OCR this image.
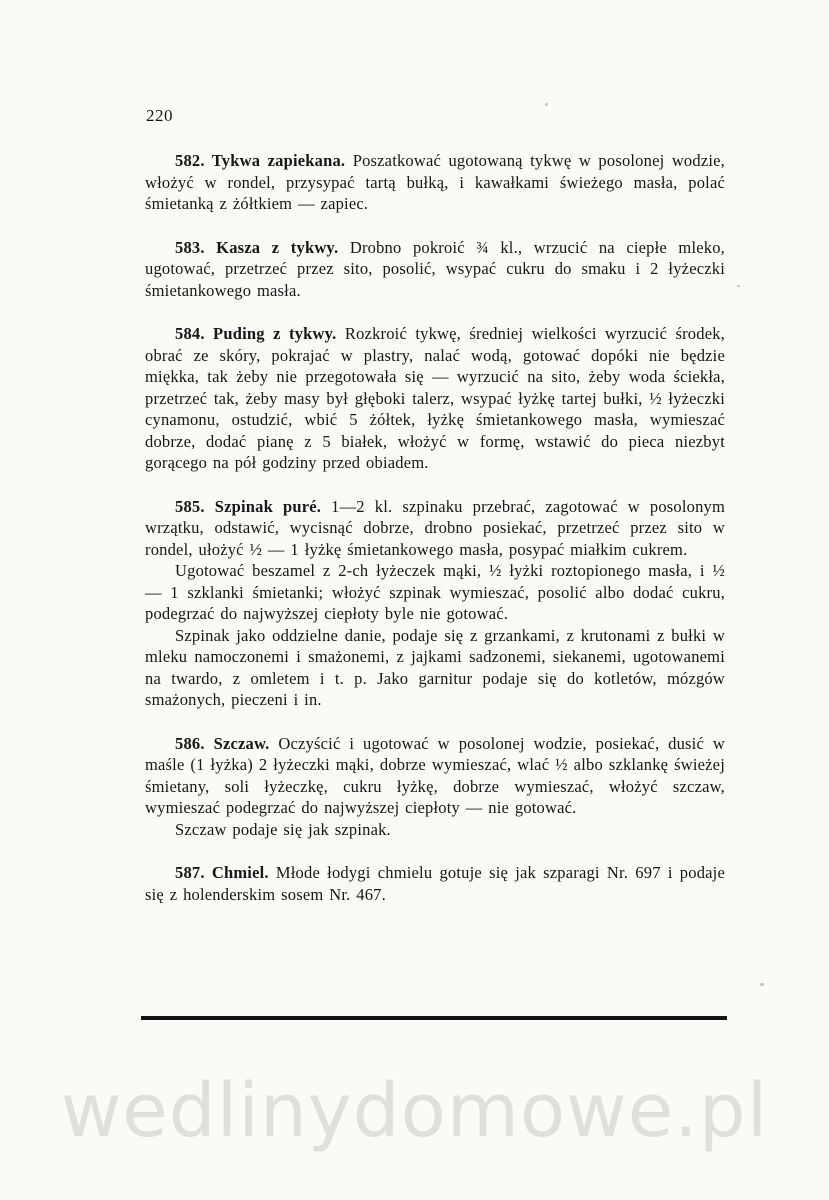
220

582. Tykwa zapiekana. Poszatkować ugotowaną tykwę w posolonej wodzie, włożyć w rondel, przysypać tartą bułką, i kawałkami świeżego masła, polać śmietanką z żółtkiem — zapiec.

583. Kasza z tykwy. Drobno pokroić ¾ kl., wrzucić na ciepłe mleko, ugotować, przetrzeć przez sito, posolić, wsypać cukru do smaku i 2 łyżeczki śmietankowego masła.

584. Puding z tykwy. Rozkroić tykwę, średniej wielkości wyrzucić środek, obrać ze skóry, pokrajać w plastry, nalać wodą, gotować dopóki nie będzie miękka, tak żeby nie przegotowała się — wyrzucić na sito, żeby woda ściekła, przetrzeć tak, żeby masy był głęboki talerz, wsypać łyżkę tartej bułki, ½ łyżeczki cynamonu, ostudzić, wbić 5 żółtek, łyżkę śmietankowego masła, wymieszać dobrze, dodać pianę z 5 białek, włożyć w formę, wstawić do pieca niezbyt gorącego na pół godziny przed obiadem.

585. Szpinak puré. 1—2 kl. szpinaku przebrać, zagotować w posolonym wrzątku, odstawić, wycisnąć dobrze, drobno posiekać, przetrzeć przez sito w rondel, ułożyć ½ — 1 łyżkę śmietankowego masła, posypać miałkim cukrem.

Ugotować beszamel z 2-ch łyżeczek mąki, ½ łyżki roztopionego masła, i ½ — 1 szklanki śmietanki; włożyć szpinak wymieszać, posolić albo dodać cukru, podegrzać do najwyższej ciepłoty byle nie gotować.

Szpinak jako oddzielne danie, podaje się z grzankami, z krutonami z bułki w mleku namoczonemi i smażonemi, z jajkami sadzonemi, siekanemi, ugotowanemi na twardo, z omletem i t. p. Jako garnitur podaje się do kotletów, mózgów smażonych, pieczeni i in.

586. Szczaw. Oczyścić i ugotować w posolonej wodzie, posiekać, dusić w maśle (1 łyżka) 2 łyżeczki mąki, dobrze wymieszać, wlać ½ albo szklankę świeżej śmietany, soli łyżeczkę, cukru łyżkę, dobrze wymieszać, włożyć szczaw, wymieszać podegrzać do najwyższej ciepłoty — nie gotować.

Szczaw podaje się jak szpinak.

587. Chmiel. Młode łodygi chmielu gotuje się jak szparagi Nr. 697 i podaje się z holenderskim sosem Nr. 467.

wedlinydomowe.pl
